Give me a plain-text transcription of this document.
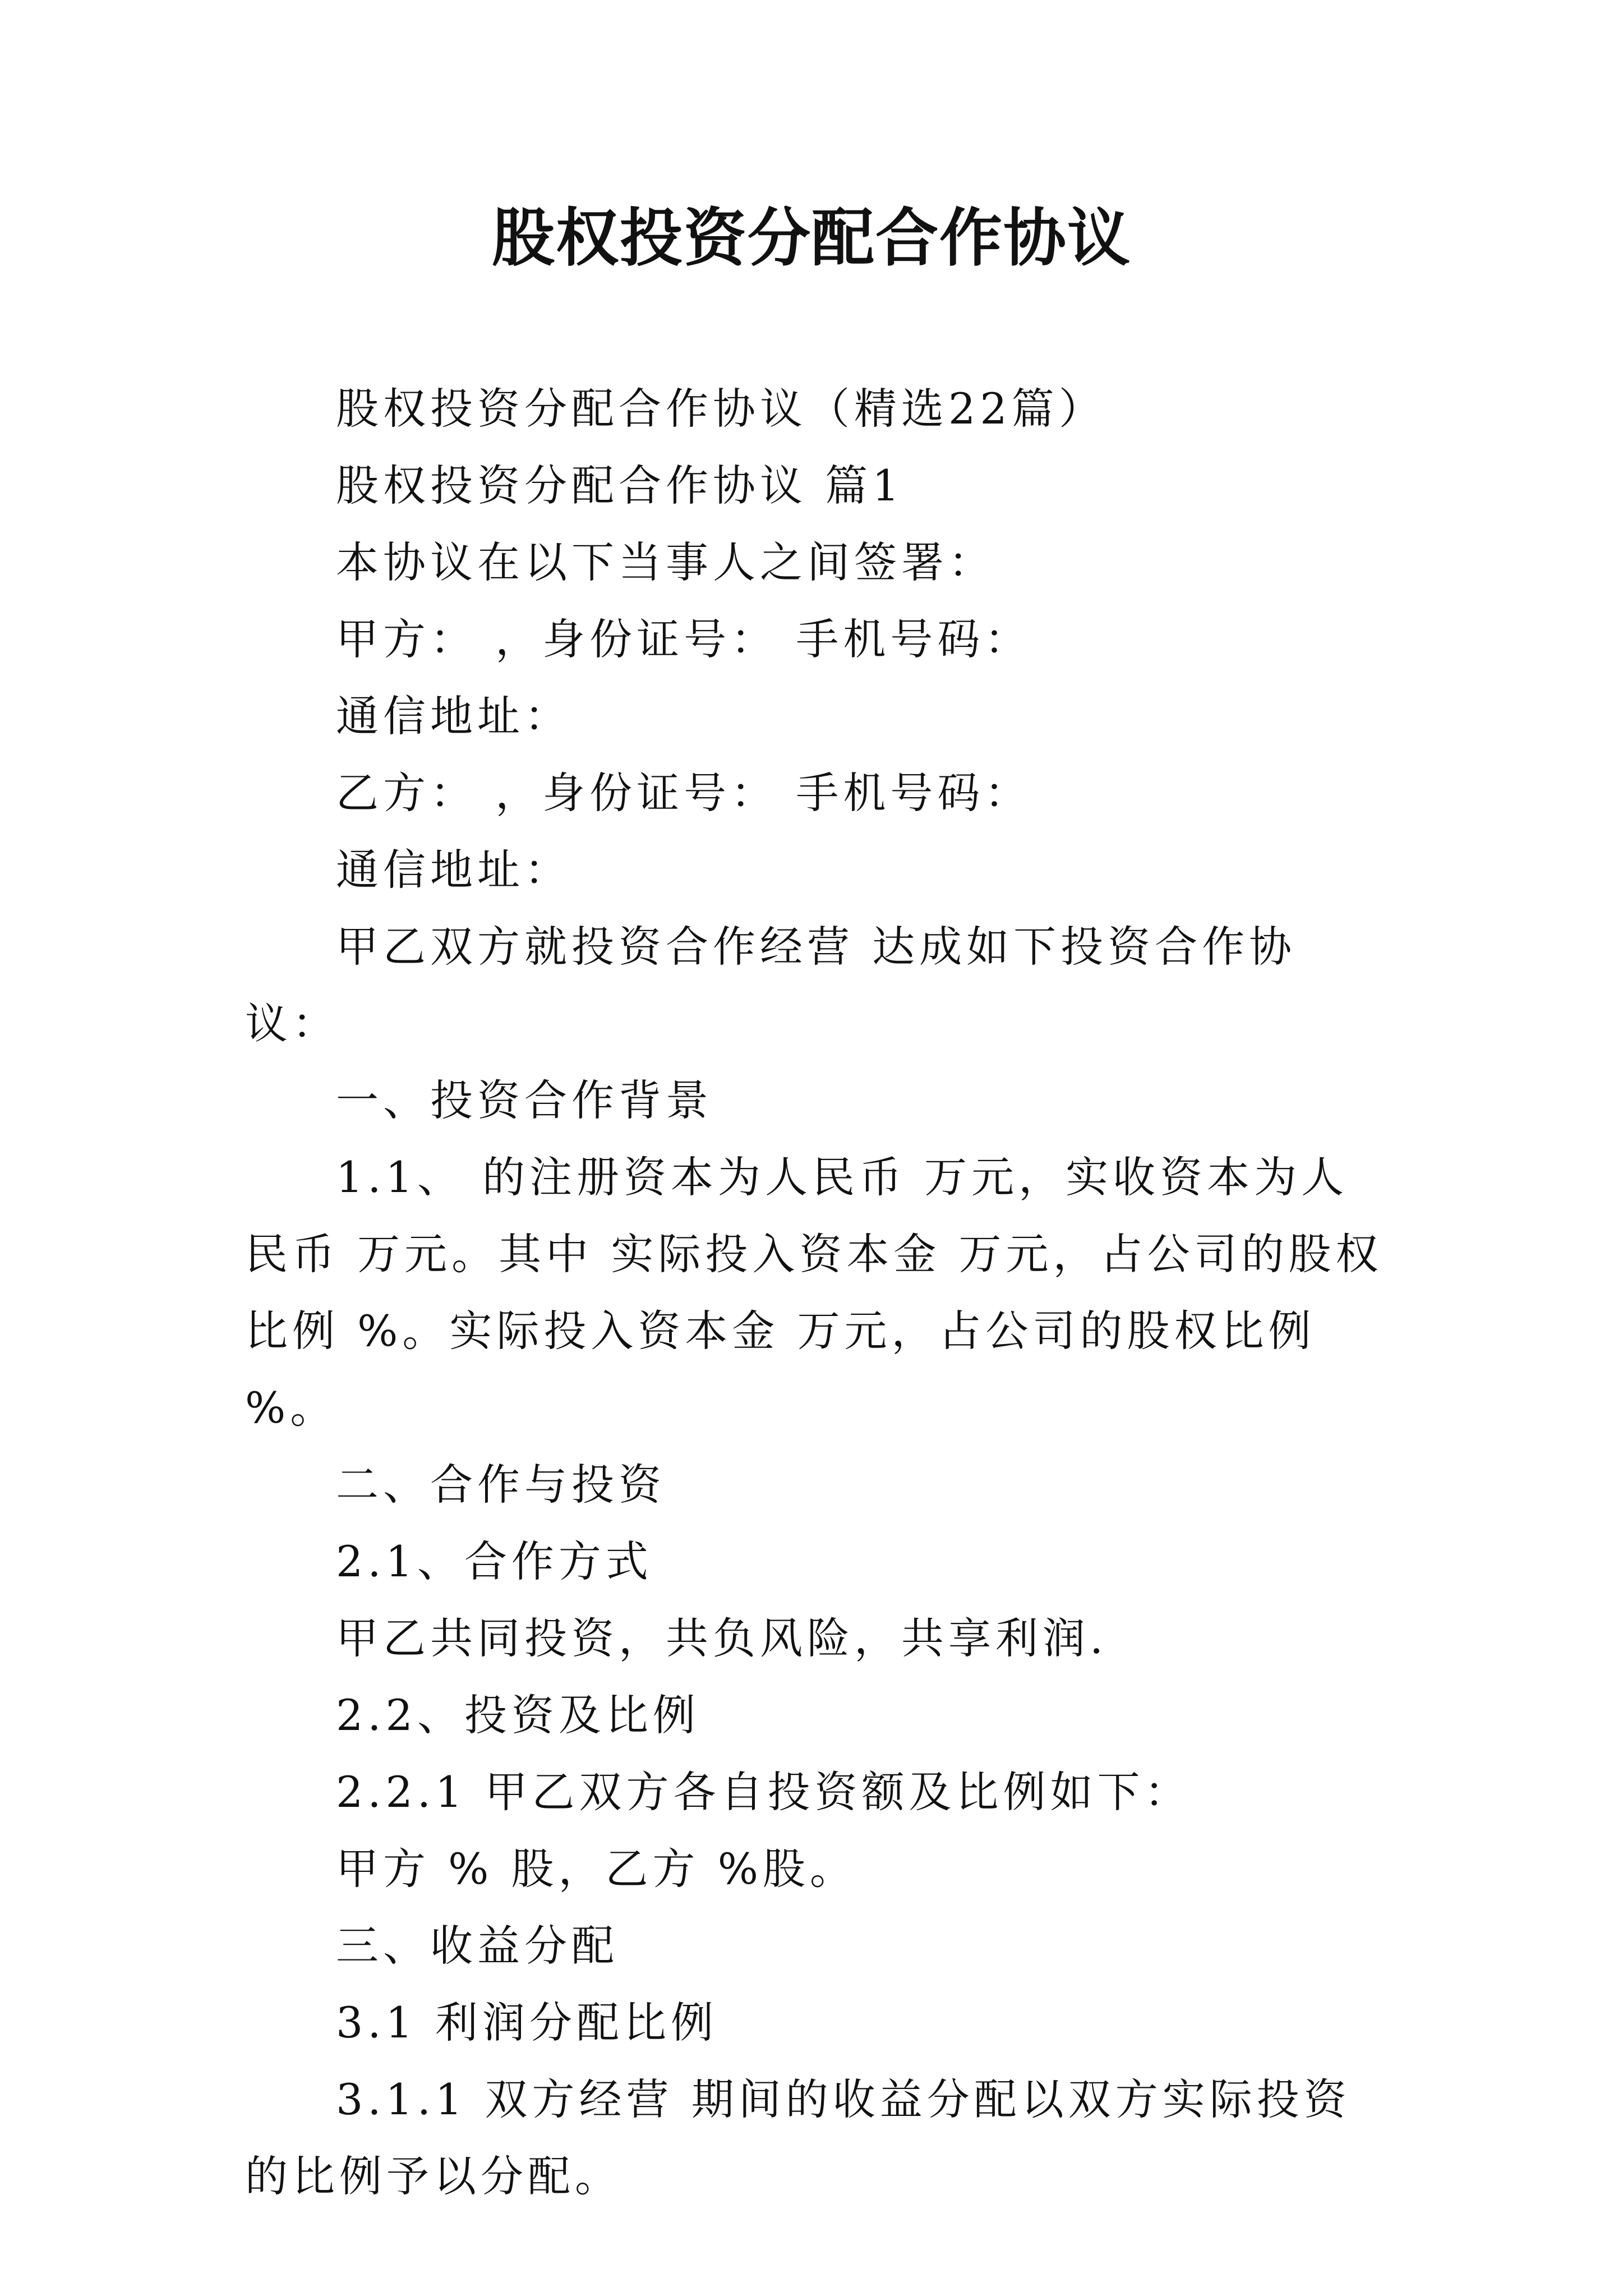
股权投资分配合作协议

股权投资分配合作协议（精选22篇）

股权投资分配合作协议 篇1

本协议在以下当事人之间签署：

甲方： ，身份证号： 手机号码：

通信地址：

乙方： ，身份证号： 手机号码：

通信地址：

甲乙双方就投资合作经营 达成如下投资合作协议：

一、投资合作背景

1.1、 的注册资本为人民币 万元，实收资本为人民币 万元。其中 实际投入资本金 万元，占公司的股权比例 %。实际投入资本金 万元，占公司的股权比例 %。

二、合作与投资

2.1、合作方式

甲乙共同投资，共负风险，共享利润.

2.2、投资及比例

2.2.1 甲乙双方各自投资额及比例如下：

甲方 % 股，乙方 %股。

三、收益分配

3.1 利润分配比例

3.1.1 双方经营 期间的收益分配以双方实际投资的比例予以分配。
